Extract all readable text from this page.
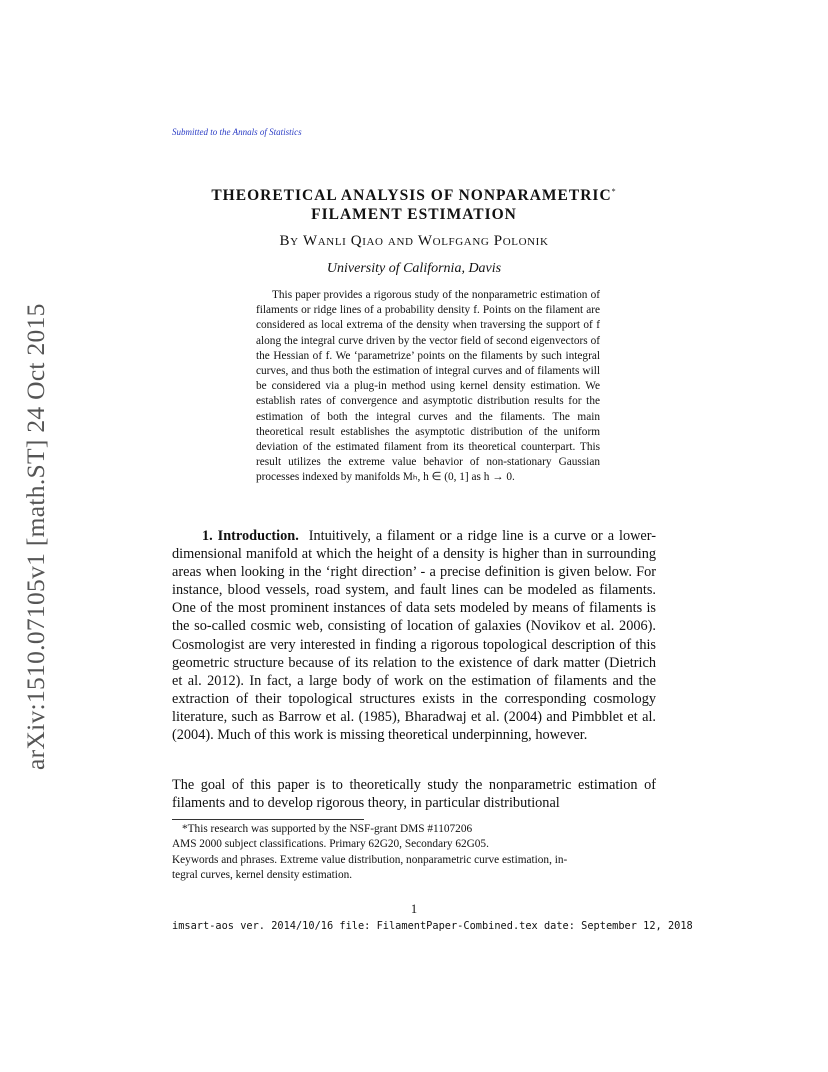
arXiv:1510.07105v1 [math.ST] 24 Oct 2015
Submitted to the Annals of Statistics
THEORETICAL ANALYSIS OF NONPARAMETRIC*
FILAMENT ESTIMATION
By Wanli Qiao and Wolfgang Polonik
University of California, Davis
This paper provides a rigorous study of the nonparametric estimation of filaments or ridge lines of a probability density f. Points on the filament are considered as local extrema of the density when traversing the support of f along the integral curve driven by the vector field of second eigenvectors of the Hessian of f. We ‘parametrize’ points on the filaments by such integral curves, and thus both the estimation of integral curves and of filaments will be considered via a plug-in method using kernel density estimation. We establish rates of convergence and asymptotic distribution results for the estimation of both the integral curves and the filaments. The main theoretical result establishes the asymptotic distribution of the uniform deviation of the estimated filament from its theoretical counterpart. This result utilizes the extreme value behavior of non-stationary Gaussian processes indexed by manifolds Mₕ, h ∈ (0, 1] as h → 0.
1. Introduction. Intuitively, a filament or a ridge line is a curve or a lower-dimensional manifold at which the height of a density is higher than in surrounding areas when looking in the ‘right direction’ - a precise definition is given below. For instance, blood vessels, road system, and fault lines can be modeled as filaments. One of the most prominent instances of data sets modeled by means of filaments is the so-called cosmic web, consisting of location of galaxies (Novikov et al. 2006). Cosmologist are very interested in finding a rigorous topological description of this geometric structure because of its relation to the existence of dark matter (Dietrich et al. 2012). In fact, a large body of work on the estimation of filaments and the extraction of their topological structures exists in the corresponding cosmology literature, such as Barrow et al. (1985), Bharadwaj et al. (2004) and Pimbblet et al. (2004). Much of this work is missing theoretical underpinning, however.
The goal of this paper is to theoretically study the nonparametric estimation of filaments and to develop rigorous theory, in particular distributional
*This research was supported by the NSF-grant DMS #1107206
AMS 2000 subject classifications. Primary 62G20, Secondary 62G05.
Keywords and phrases. Extreme value distribution, nonparametric curve estimation, in-
tegral curves, kernel density estimation.
1
imsart-aos ver. 2014/10/16 file: FilamentPaper-Combined.tex date: September 12, 2018
